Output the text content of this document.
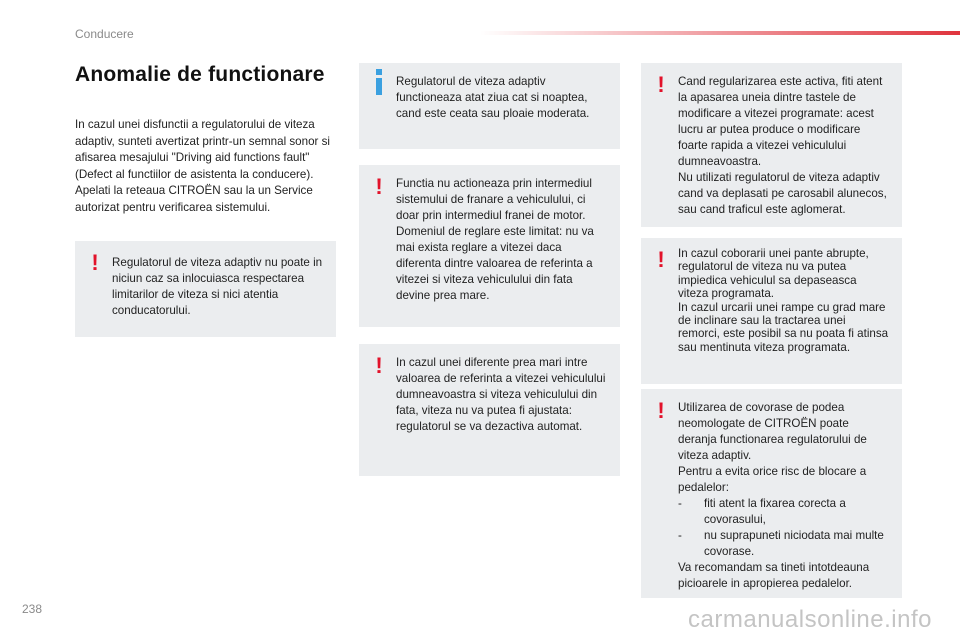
Conducere
Anomalie de functionare

In cazul unei disfunctii a regulatorului de viteza adaptiv, sunteti avertizat printr-un semnal sonor si afisarea mesajului "Driving aid functions fault" (Defect al functiilor de asistenta la conducere).

Apelati la reteaua CITROËN sau la un Service autorizat pentru verificarea sistemului.

! Regulatorul de viteza adaptiv nu poate in niciun caz sa inlocuiasca respectarea limitarilor de viteza si nici atentia conducatorului.

Regulatorul de viteza adaptiv functioneaza atat ziua cat si noaptea, cand este ceata sau ploaie moderata.

! Functia nu actioneaza prin intermediul sistemului de franare a vehiculului, ci doar prin intermediul franei de motor. Domeniul de reglare este limitat: nu va mai exista reglare a vitezei daca diferenta dintre valoarea de referinta a vitezei si viteza vehiculului din fata devine prea mare.

! In cazul unei diferente prea mari intre valoarea de referinta a vitezei vehiculului dumneavoastra si viteza vehiculului din fata, viteza nu va putea fi ajustata: regulatorul se va dezactiva automat.

! Cand regularizarea este activa, fiti atent la apasarea uneia dintre tastele de modificare a vitezei programate: acest lucru ar putea produce o modificare foarte rapida a vitezei vehiculului dumneavoastra.

Nu utilizati regulatorul de viteza adaptiv cand va deplasati pe carosabil alunecos, sau cand traficul este aglomerat.

! In cazul coborarii unei pante abrupte, regulatorul de viteza nu va putea impiedica vehiculul sa depaseasca viteza programata.

In cazul urcarii unei rampe cu grad mare de inclinare sau la tractarea unei remorci, este posibil sa nu poata fi atinsa sau mentinuta viteza programata.

! Utilizarea de covorase de podea neomologate de CITROËN poate deranja functionarea regulatorului de viteza adaptiv.

Pentru a evita orice risc de blocare a pedalelor:

-	fiti atent la fixarea corecta a covorasului,
-	nu suprapuneti niciodata mai multe covorase.

Va recomandam sa tineti intotdeauna picioarele in apropierea pedalelor.

238	carmanualsonline.info
